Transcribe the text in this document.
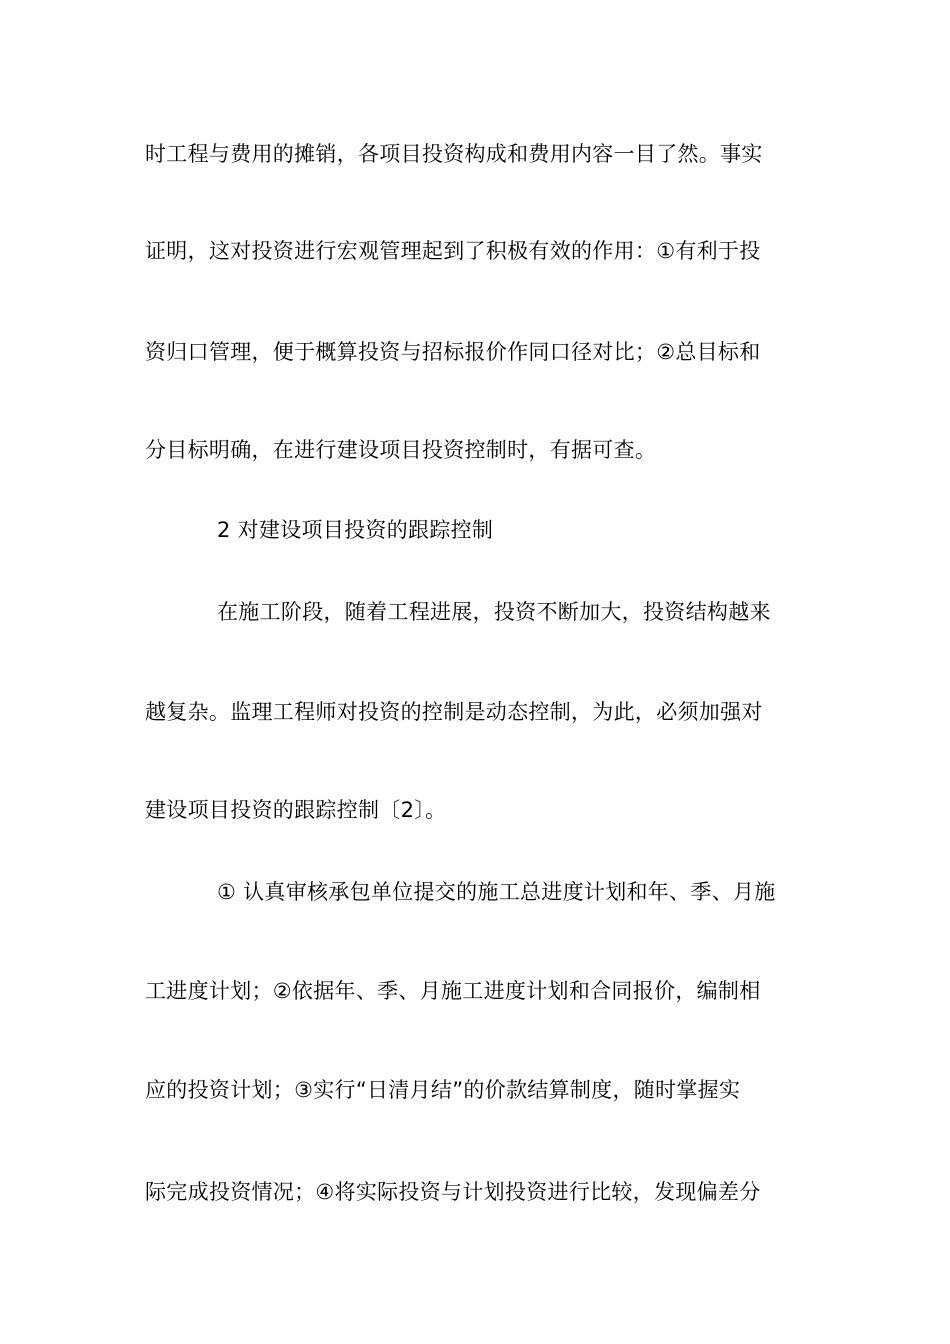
时工程与费用的摊销，各项目投资构成和费用内容一目了然。事实
证明，这对投资进行宏观管理起到了积极有效的作用：①有利于投
资归口管理，便于概算投资与招标报价作同口径对比；②总目标和
分目标明确，在进行建设项目投资控制时，有据可查。
2 对建设项目投资的跟踪控制
在施工阶段，随着工程进展，投资不断加大，投资结构越来
越复杂。监理工程师对投资的控制是动态控制，为此，必须加强对
建设项目投资的跟踪控制〔2〕。
① 认真审核承包单位提交的施工总进度计划和年、季、月施
工进度计划；②依据年、季、月施工进度计划和合同报价，编制相
应的投资计划；③实行“日清月结”的价款结算制度，随时掌握实
际完成投资情况；④将实际投资与计划投资进行比较，发现偏差分
